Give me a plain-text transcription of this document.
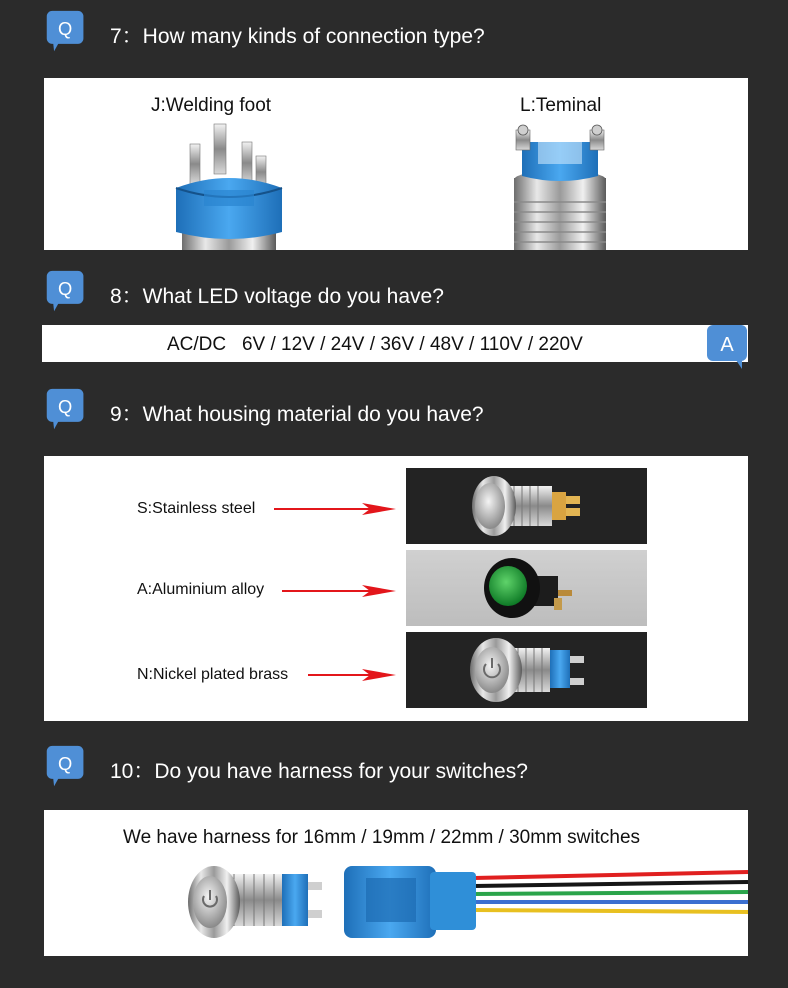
Q 7：How many kinds of connection type?
J:Welding foot	L:Teminal
Q 8：What LED voltage do you have?
AC/DC   6V / 12V / 24V / 36V / 48V / 110V / 220V	A
Q 9：What housing material do you have?
S:Stainless steel
A:Aluminium alloy
N:Nickel plated brass
Q 10：Do you have harness for your switches?
We have harness for 16mm / 19mm / 22mm / 30mm switches
